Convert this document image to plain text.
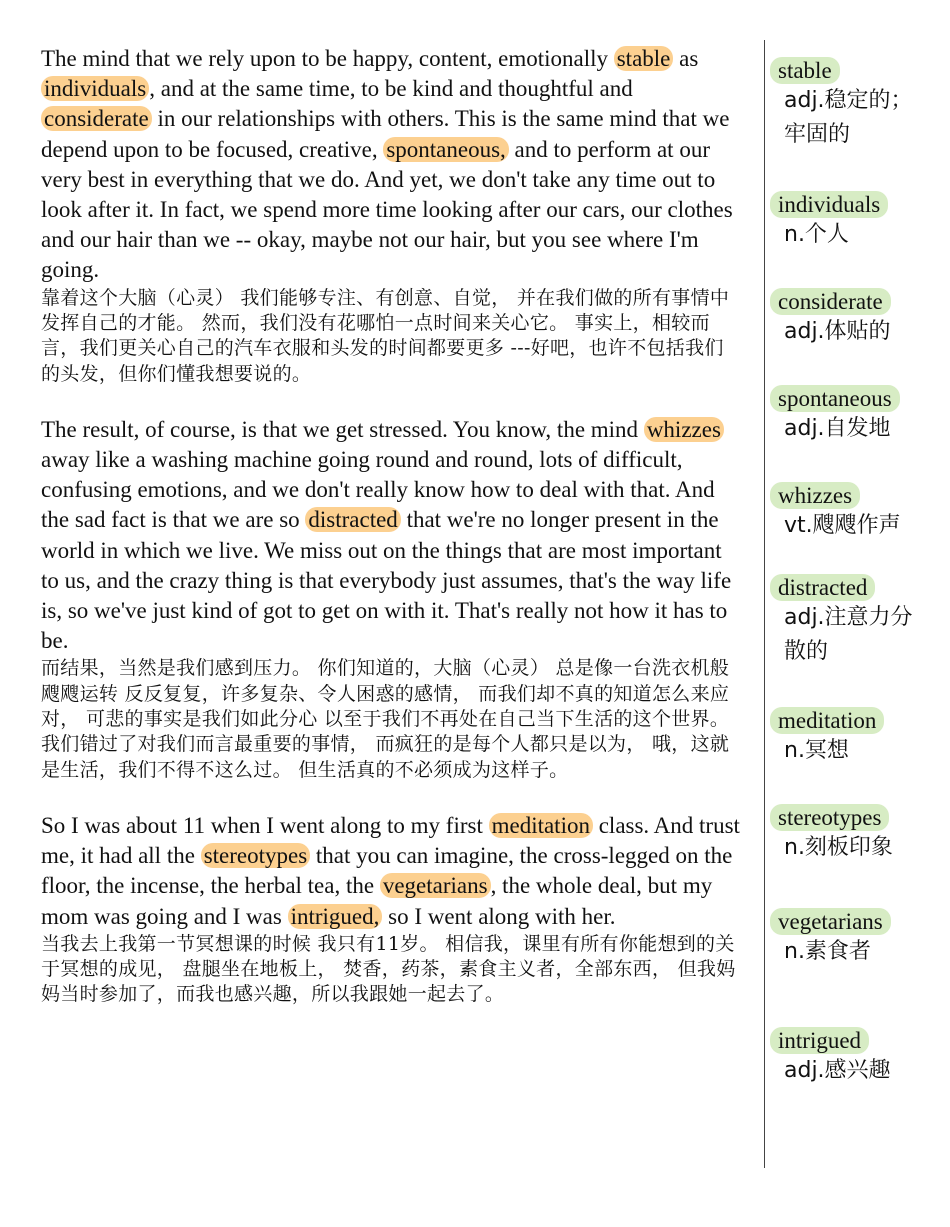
The mind that we rely upon to be happy, content, emotionally stable as individuals , and at the same time, to be kind and thoughtful and considerate in our relationships with others. This is the same mind that we depend upon to be focused, creative, spontaneous, and to perform at our very best in everything that we do. And yet, we don't take any time out to look after it. In fact, we spend more time looking after our cars, our clothes and our hair than we -- okay, maybe not our hair, but you see where I'm going.

靠着这个大脑（心灵） 我们能够专注、有创意、自觉， 并在我们做的所有事情中发挥自己的才能。 然而，我们没有花哪怕一点时间来关心它。 事实上，相较而言，我们更关心自己的汽车衣服和头发的时间都要更多 ---好吧，也许不包括我们的头发，但你们懂我想要说的。

The result, of course, is that we get stressed. You know, the mind whizzes away like a washing machine going round and round, lots of difficult, confusing emotions, and we don't really know how to deal with that. And the sad fact is that we are so distracted that we're no longer present in the world in which we live. We miss out on the things that are most important to us, and the crazy thing is that everybody just assumes, that's the way life is, so we've just kind of got to get on with it. That's really not how it has to be.

而结果，当然是我们感到压力。 你们知道的，大脑（心灵） 总是像一台洗衣机般飕飕运转 反反复复，许多复杂、令人困惑的感情， 而我们却不真的知道怎么来应对， 可悲的事实是我们如此分心 以至于我们不再处在自己当下生活的这个世界。 我们错过了对我们而言最重要的事情， 而疯狂的是每个人都只是以为， 哦，这就是生活，我们不得不这么过。 但生活真的不必须成为这样子。

So I was about 11 when I went along to my first meditation class. And trust me, it had all the stereotypes that you can imagine, the cross-legged on the floor, the incense, the herbal tea, the vegetarians , the whole deal, but my mom was going and I was intrigued, so I went along with her.

当我去上我第一节冥想课的时候 我只有11岁。 相信我，课里有所有你能想到的关于冥想的成见， 盘腿坐在地板上， 焚香，药茶，素食主义者，全部东西， 但我妈妈当时参加了，而我也感兴趣，所以我跟她一起去了。

stable
adj.稳定的；牢固的
individuals
n.个人
considerate
adj.体贴的
spontaneous
adj.自发地
whizzes
vt.飕飕作声
distracted
adj.注意力分散的
meditation
n.冥想
stereotypes
n.刻板印象
vegetarians
n.素食者
intrigued
adj.感兴趣
